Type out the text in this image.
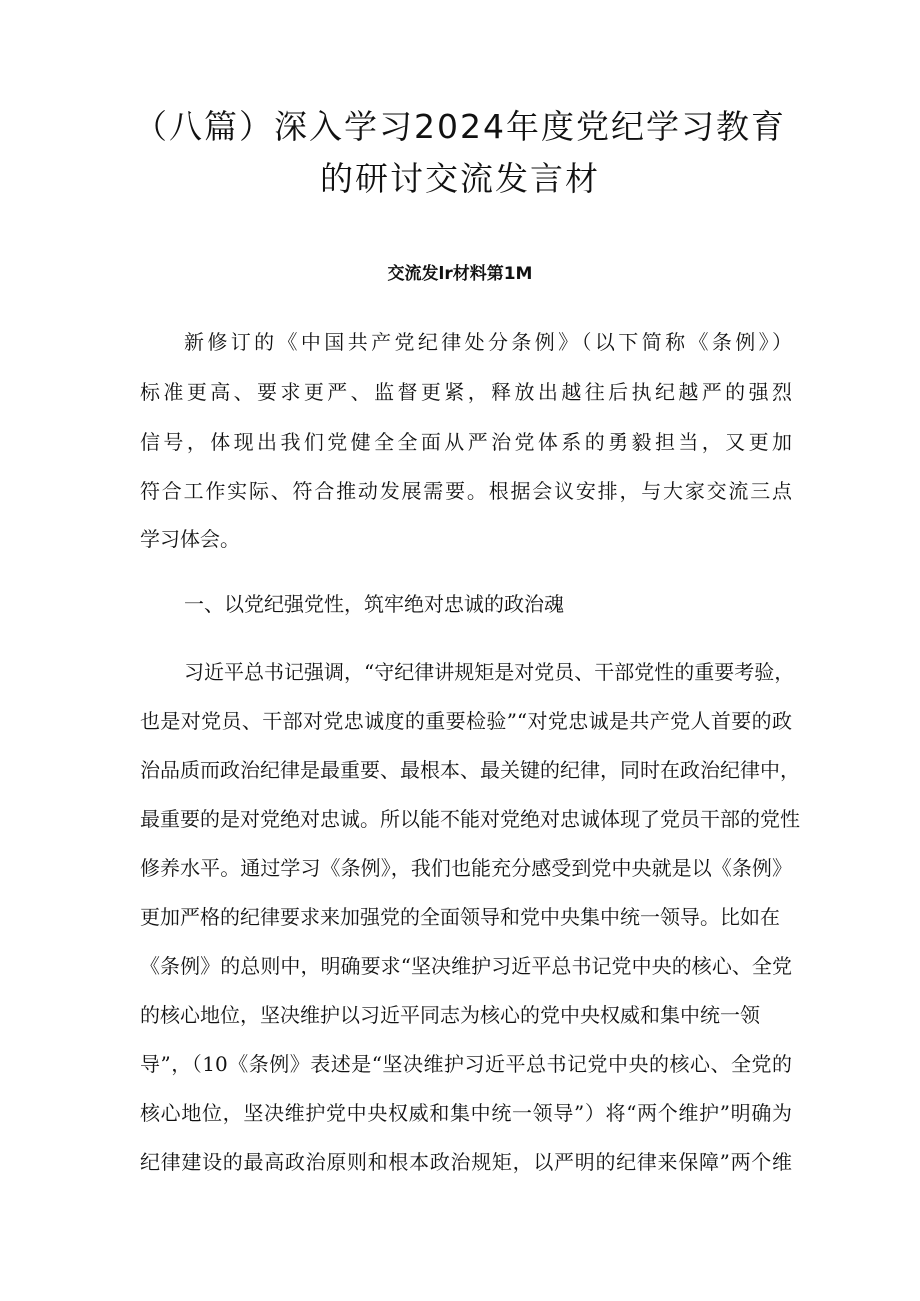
（八篇）深入学习2024年度党纪学习教育
的研讨交流发言材
交流发lr材料第1M

新修订的《中国共产党纪律处分条例》（以下简称《条例》）

标准更高、要求更严、监督更紧，释放出越往后执纪越严的强烈

信号，体现出我们党健全全面从严治党体系的勇毅担当，又更加

符合工作实际、符合推动发展需要。根据会议安排，与大家交流三点

学习体会。

一、以党纪强党性，筑牢绝对忠诚的政治魂

习近平总书记强调，“守纪律讲规矩是对党员、干部党性的重要考验，

也是对党员、干部对党忠诚度的重要检验”“对党忠诚是共产党人首要的政

治品质而政治纪律是最重要、最根本、最关键的纪律，同时在政治纪律中，

最重要的是对党绝对忠诚。所以能不能对党绝对忠诚体现了党员干部的党性

修养水平。通过学习《条例》，我们也能充分感受到党中央就是以《条例》

更加严格的纪律要求来加强党的全面领导和党中央集中统一领导。比如在

《条例》的总则中，明确要求“坚决维护习近平总书记党中央的核心、全党

的核心地位，坚决维护以习近平同志为核心的党中央权威和集中统一领

导”，（10《条例》表述是“坚决维护习近平总书记党中央的核心、全党的

核心地位，坚决维护党中央权威和集中统一领导”）将“两个维护”明确为

纪律建设的最高政治原则和根本政治规矩，以严明的纪律来保障”两个维
